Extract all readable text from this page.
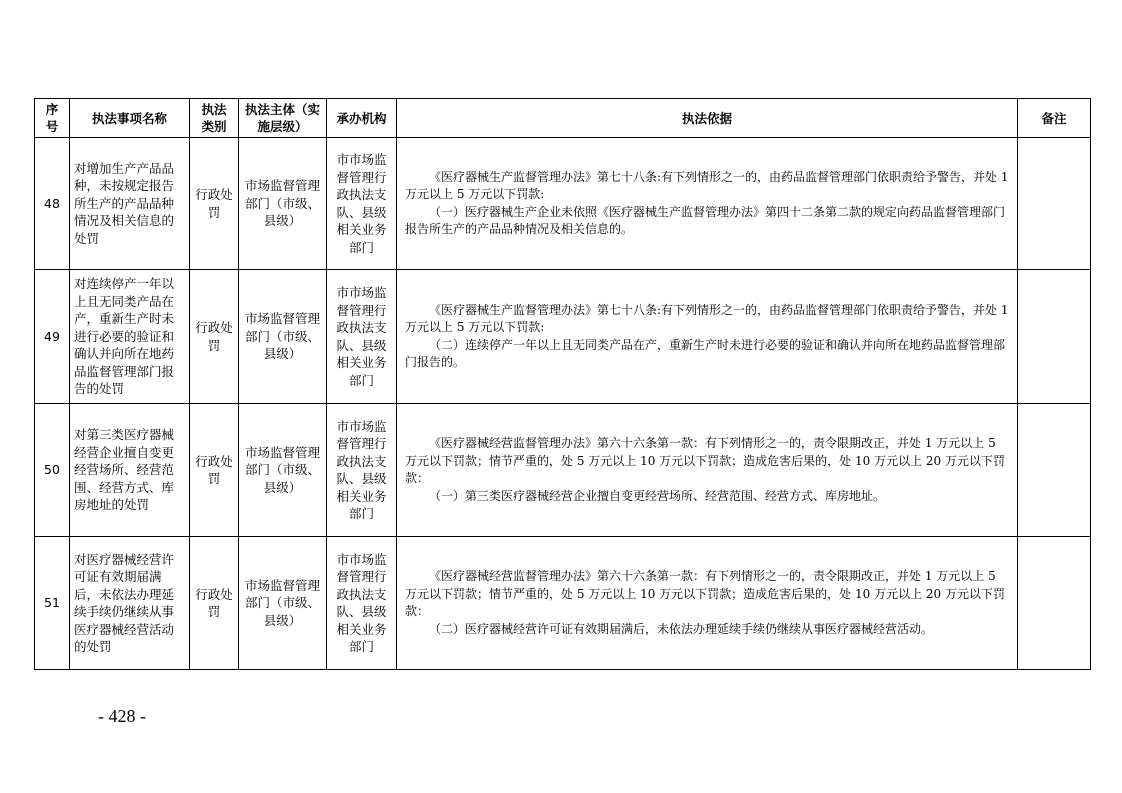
序号	执法事项名称	执法类别	执法主体（实施层级）	承办机构	执法依据	备注
48	对增加生产产品品种，未按规定报告所生产的产品品种情况及相关信息的处罚	行政处罚	市场监督管理部门（市级、县级）	市市场监督管理行政执法支队、县级相关业务部门	《医疗器械生产监督管理办法》第七十八条:有下列情形之一的，由药品监督管理部门依职责给予警告，并处 1 万元以上 5 万元以下罚款:

（一）医疗器械生产企业未依照《医疗器械生产监督管理办法》第四十二条第二款的规定向药品监督管理部门报告所生产的产品品种情况及相关信息的。	

49	对连续停产一年以上且无同类产品在产，重新生产时未进行必要的验证和确认并向所在地药品监督管理部门报告的处罚	行政处罚	市场监督管理部门（市级、县级）	市市场监督管理行政执法支队、县级相关业务部门	《医疗器械生产监督管理办法》第七十八条:有下列情形之一的，由药品监督管理部门依职责给予警告，并处 1 万元以上 5 万元以下罚款:

（二）连续停产一年以上且无同类产品在产，重新生产时未进行必要的验证和确认并向所在地药品监督管理部门报告的。	

50	对第三类医疗器械经营企业擅自变更经营场所、经营范围、经营方式、库房地址的处罚	行政处罚	市场监督管理部门（市级、县级）	市市场监督管理行政执法支队、县级相关业务部门	《医疗器械经营监督管理办法》第六十六条第一款：有下列情形之一的，责令限期改正，并处 1 万元以上 5 万元以下罚款；情节严重的，处 5 万元以上 10 万元以下罚款；造成危害后果的，处 10 万元以上 20 万元以下罚款：

（一）第三类医疗器械经营企业擅自变更经营场所、经营范围、经营方式、库房地址。	

51	对医疗器械经营许可证有效期届满后，未依法办理延续手续仍继续从事医疗器械经营活动的处罚	行政处罚	市场监督管理部门（市级、县级）	市市场监督管理行政执法支队、县级相关业务部门	《医疗器械经营监督管理办法》第六十六条第一款：有下列情形之一的，责令限期改正，并处 1 万元以上 5 万元以下罚款；情节严重的，处 5 万元以上 10 万元以下罚款；造成危害后果的，处 10 万元以上 20 万元以下罚款：

（二）医疗器械经营许可证有效期届满后，未依法办理延续手续仍继续从事医疗器械经营活动。	

- 428 -
